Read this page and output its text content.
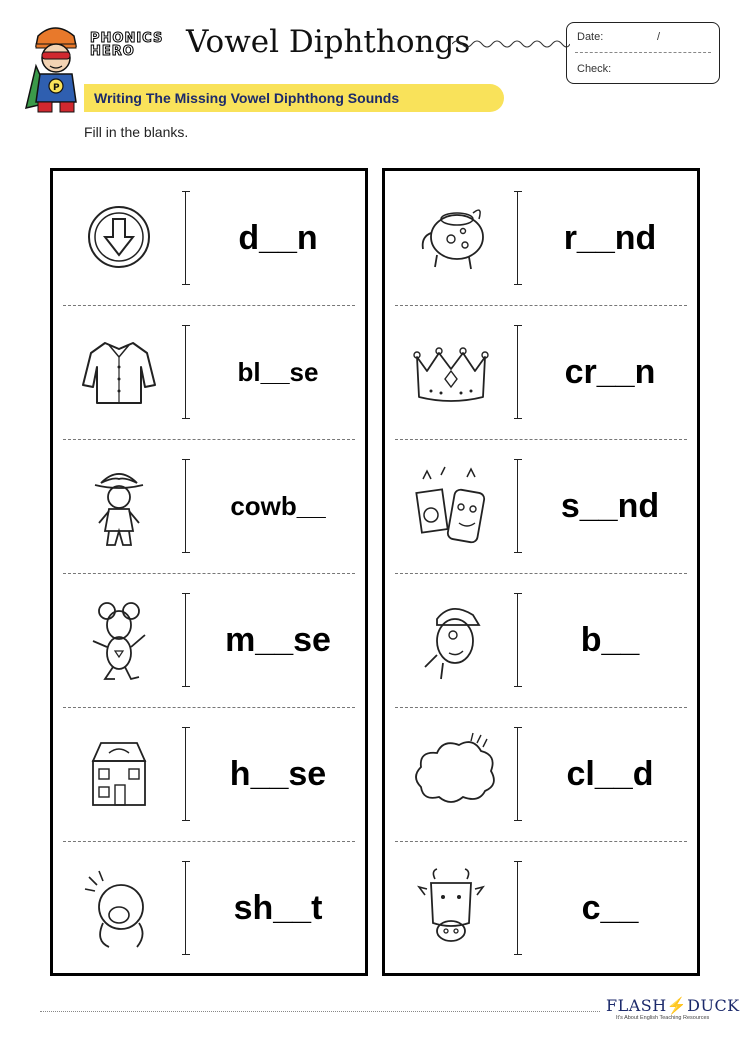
P
PHONICS
HERO	Vowel Diphthongs	Date:	/
Check:
Writing The Missing Vowel Diphthong Sounds
Fill in the blanks.
d__n
bl__se
cowb__
m__se
h__se
sh__t
r__nd
cr__n
s__nd
b__
cl__d
c__
FLASH⚡DUCK
It's About English Teaching Resources
